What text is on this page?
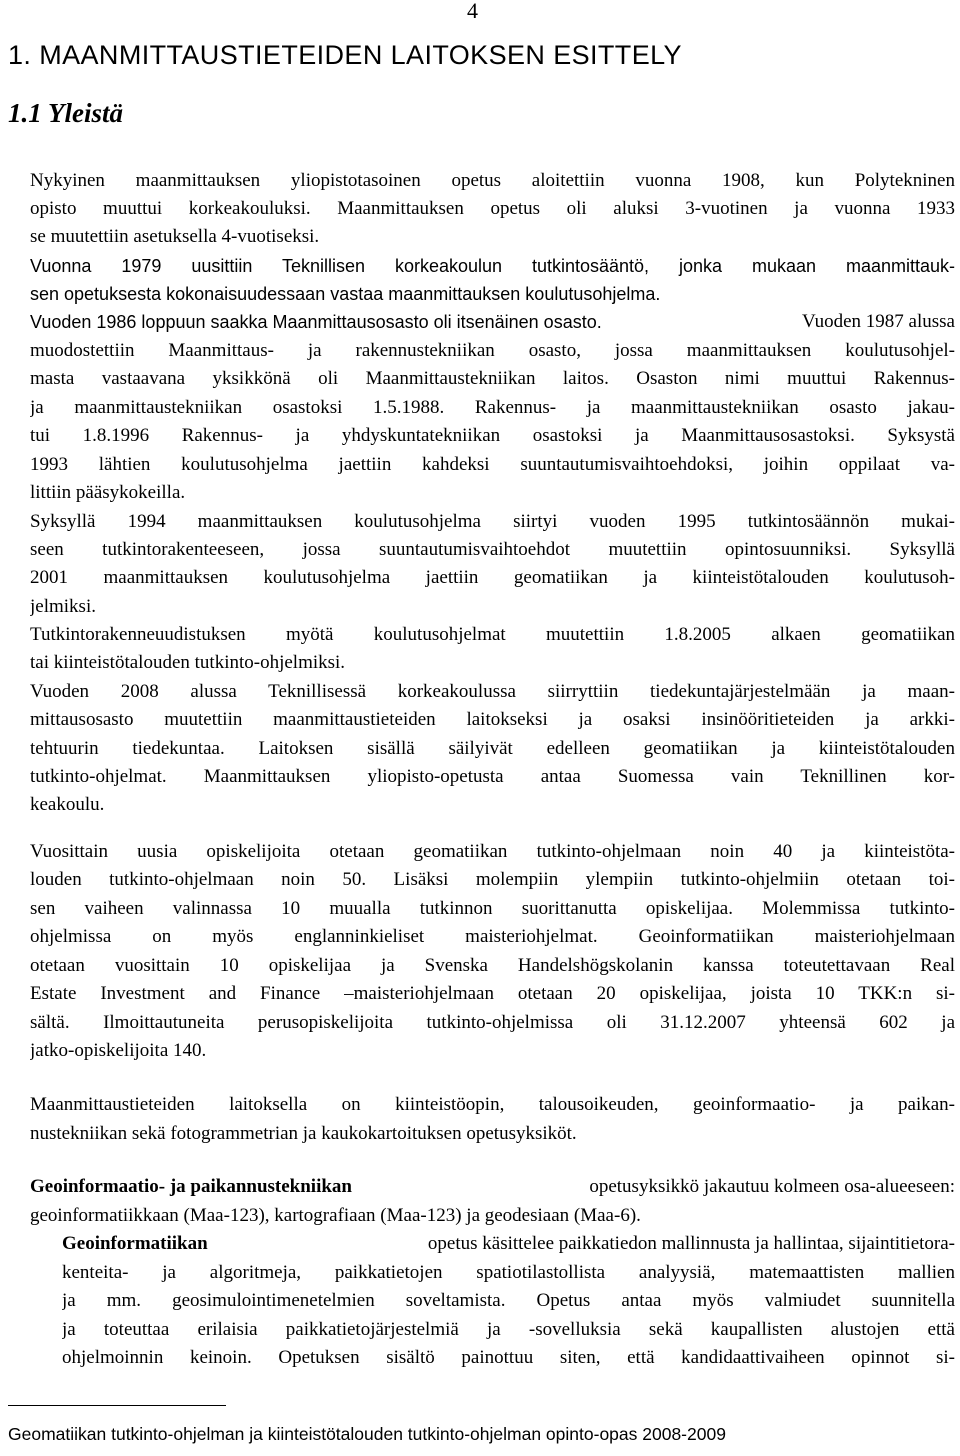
4
1. MAANMITTAUSTIETEIDEN LAITOKSEN ESITTELY
1.1 Yleistä
Nykyinen maanmittauksen yliopistotasoinen opetus aloitettiin vuonna 1908, kun Polytekninen
opisto muuttui korkeakouluksi. Maanmittauksen opetus oli aluksi 3-vuotinen ja vuonna 1933
se muutettiin asetuksella 4-vuotiseksi.
Vuonna 1979 uusittiin Teknillisen korkeakoulun tutkintosääntö, jonka mukaan maanmittauk-
sen opetuksesta kokonaisuudessaan vastaa maanmittauksen koulutusohjelma.
Vuoden 1986 loppuun saakka Maanmittausosasto oli itsenäinen osasto.	Vuoden 1987 alussa
muodostettiin Maanmittaus- ja rakennustekniikan osasto, jossa maanmittauksen koulutusohjel-
masta vastaavana yksikkönä oli Maanmittaustekniikan laitos. Osaston nimi muuttui Rakennus-
ja maanmittaustekniikan osastoksi 1.5.1988. Rakennus- ja maanmittaustekniikan osasto jakau-
tui 1.8.1996 Rakennus- ja yhdyskuntatekniikan osastoksi ja Maanmittausosastoksi. Syksystä
1993 lähtien koulutusohjelma jaettiin kahdeksi suuntautumisvaihtoehdoksi, joihin oppilaat va-
littiin pääsykokeilla.
Syksyllä 1994 maanmittauksen koulutusohjelma siirtyi vuoden 1995 tutkintosäännön mukai-
seen tutkintorakenteeseen, jossa suuntautumisvaihtoehdot muutettiin opintosuunniksi. Syksyllä
2001 maanmittauksen koulutusohjelma jaettiin geomatiikan ja kiinteistötalouden koulutusoh-
jelmiksi.
Tutkintorakenneuudistuksen myötä koulutusohjelmat muutettiin 1.8.2005 alkaen geomatiikan
tai kiinteistötalouden tutkinto-ohjelmiksi.
Vuoden 2008 alussa Teknillisessä korkeakoulussa siirryttiin tiedekuntajärjestelmään ja maan-
mittausosasto muutettiin maanmittaustieteiden laitokseksi ja osaksi insinööritieteiden ja arkki-
tehtuurin tiedekuntaa. Laitoksen sisällä säilyivät edelleen geomatiikan ja kiinteistötalouden
tutkinto-ohjelmat. Maanmittauksen yliopisto-opetusta antaa Suomessa vain Teknillinen kor-
keakoulu.
Vuosittain uusia opiskelijoita otetaan geomatiikan tutkinto-ohjelmaan noin 40 ja kiinteistöta-
louden tutkinto-ohjelmaan noin 50. Lisäksi molempiin ylempiin tutkinto-ohjelmiin otetaan toi-
sen vaiheen valinnassa 10 muualla tutkinnon suorittanutta opiskelijaa. Molemmissa tutkinto-
ohjelmissa on myös englanninkieliset maisteriohjelmat. Geoinformatiikan maisteriohjelmaan
otetaan vuosittain 10 opiskelijaa ja Svenska Handelshögskolanin kanssa toteutettavaan Real
Estate Investment and Finance –maisteriohjelmaan otetaan 20 opiskelijaa, joista 10 TKK:n si-
sältä. Ilmoittautuneita perusopiskelijoita tutkinto-ohjelmissa oli 31.12.2007 yhteensä 602 ja
jatko-opiskelijoita 140.
Maanmittaustieteiden laitoksella on kiinteistöopin, talousoikeuden, geoinformaatio- ja paikan-
nustekniikan sekä fotogrammetrian ja kaukokartoituksen opetusyksiköt.
Geoinformaatio- ja paikannustekniikan	opetusyksikkö jakautuu kolmeen osa-alueeseen:
geoinformatiikkaan (Maa-123), kartografiaan (Maa-123) ja geodesiaan (Maa-6).
Geoinformatiikan	opetus käsittelee paikkatiedon mallinnusta ja hallintaa, sijaintitietora-
kenteita- ja algoritmeja, paikkatietojen spatiotilastollista analyysiä, matemaattisten mallien
ja mm. geosimulointimenetelmien soveltamista. Opetus antaa myös valmiudet suunnitella
ja toteuttaa erilaisia paikkatietojärjestelmiä ja -sovelluksia sekä kaupallisten alustojen että
ohjelmoinnin keinoin. Opetuksen sisältö painottuu siten, että kandidaattivaiheen opinnot si-
Geomatiikan tutkinto-ohjelman ja kiinteistötalouden tutkinto-ohjelman opinto-opas 2008-2009
